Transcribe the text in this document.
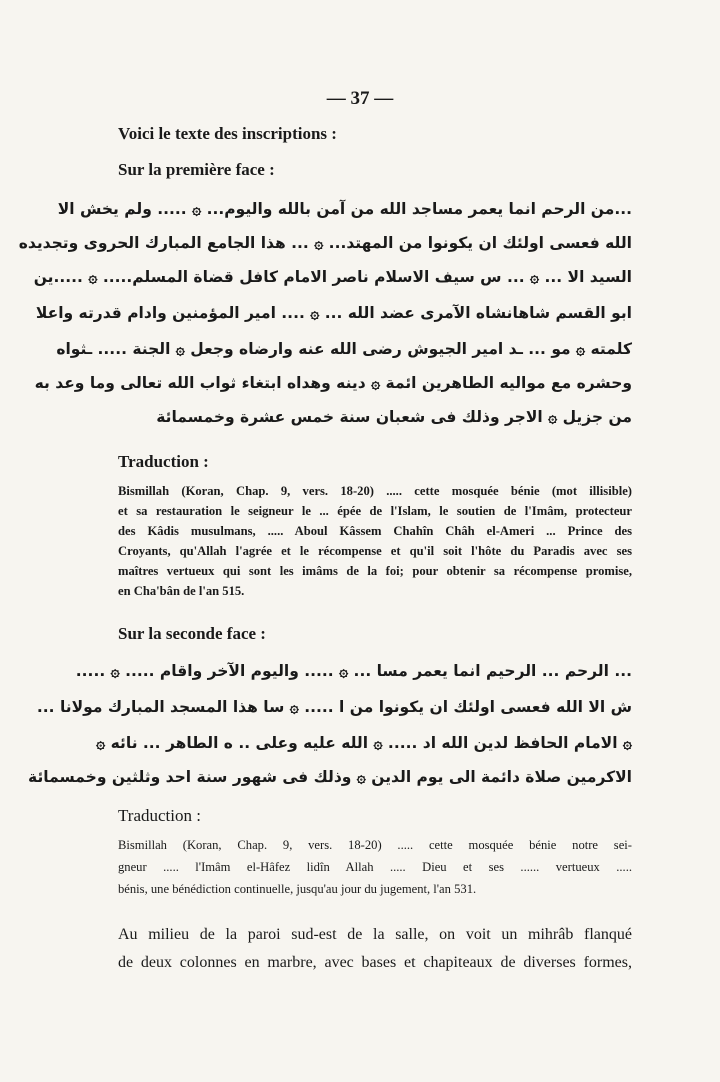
— 37 —
Voici le texte des inscriptions :
Sur la première face :
...من الرحم انما يعمر مساجد الله من آمن بالله واليوم... ۞ ..... ولم يخش الا
الله فعسى اولئك ان يكونوا من المهتد... ۞ ... هذا الجامع المبارك الحروى وتجديده
السيد الا ... ۞ ... س سيف الاسلام ناصر الامام كافل قضاة المسلم..... ۞ .....ين
ابو القسم شاهانشاه الآمرى عضد الله ... ۞ .... امير المؤمنين وادام قدرته واعلا
كلمته ۞ مو ... ـد امير الجيوش رضى الله عنه وارضاه وجعل ۞ الجنة ..... ـثواه
وحشره مع مواليه الطاهرين ائمة ۞ دينه وهداه ابتغاء ثواب الله تعالى وما وعد به
من جزيل ۞ الاجر وذلك فى شعبان سنة خمس عشرة وخمسمائة
Traduction :
Bismillah (Koran, Chap. 9, vers. 18-20) ..... cette mosquée bénie (mot illisible)
et sa restauration le seigneur le ... épée de l'Islam, le soutien de l'Imâm, protecteur
des Kâdis musulmans, ..... Aboul Kâssem Chahîn Châh el-Ameri ... Prince des
Croyants, qu'Allah l'agrée et le récompense et qu'il soit l'hôte du Paradis avec ses
maîtres vertueux qui sont les imâms de la foi; pour obtenir sa récompense promise,
en Cha'bân de l'an 515.
Sur la seconde face :
... الرحم ... الرحيم انما يعمر مسا ... ۞ ..... واليوم الآخر واقام ..... ۞ .....
ش الا الله فعسى اولئك ان يكونوا من ا ..... ۞ سا هذا المسجد المبارك مولانا ...
۞ الامام الحافظ لدين الله اد ..... ۞ الله عليه وعلى .. ه الطاهر ... نائه ۞
الاكرمين صلاة دائمة الى يوم الدين ۞ وذلك فى شهور سنة احد وثلثين وخمسمائة
Traduction :
Bismillah (Koran, Chap. 9, vers. 18-20) ..... cette mosquée bénie notre sei-
gneur ..... l'Imâm el-Hâfez lidîn Allah ..... Dieu et ses ...... vertueux .....
bénis, une bénédiction continuelle, jusqu'au jour du jugement, l'an 531.
Au milieu de la paroi sud-est de la salle, on voit un mihrâb flanqué
de deux colonnes en marbre, avec bases et chapiteaux de diverses formes,
